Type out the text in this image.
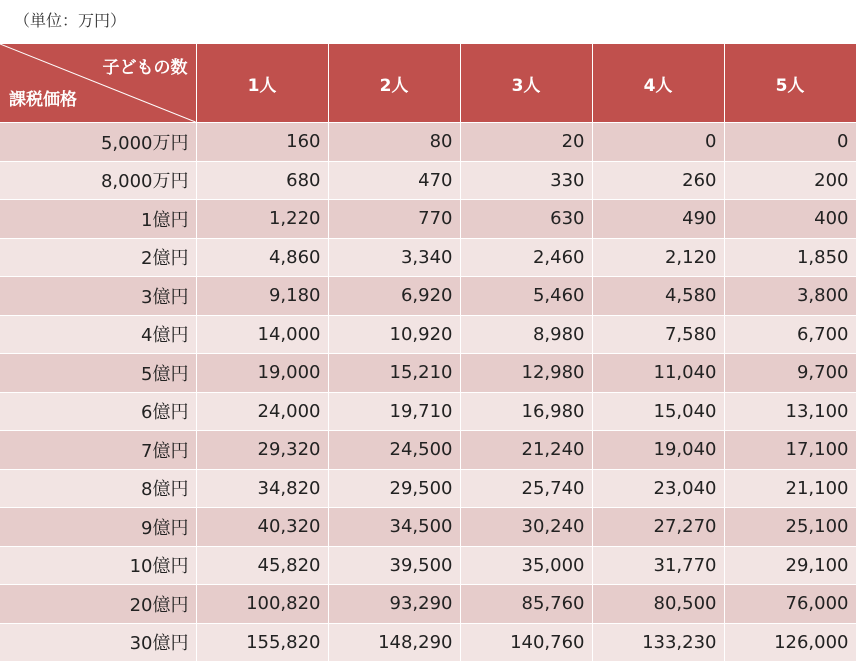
（単位：万円）
子どもの数
課税価格	1人	2人	3人	4人	5人
5,000万円	160	80	20	0	0
8,000万円	680	470	330	260	200
1億円	1,220	770	630	490	400
2億円	4,860	3,340	2,460	2,120	1,850
3億円	9,180	6,920	5,460	4,580	3,800
4億円	14,000	10,920	8,980	7,580	6,700
5億円	19,000	15,210	12,980	11,040	9,700
6億円	24,000	19,710	16,980	15,040	13,100
7億円	29,320	24,500	21,240	19,040	17,100
8億円	34,820	29,500	25,740	23,040	21,100
9億円	40,320	34,500	30,240	27,270	25,100
10億円	45,820	39,500	35,000	31,770	29,100
20億円	100,820	93,290	85,760	80,500	76,000
30億円	155,820	148,290	140,760	133,230	126,000
